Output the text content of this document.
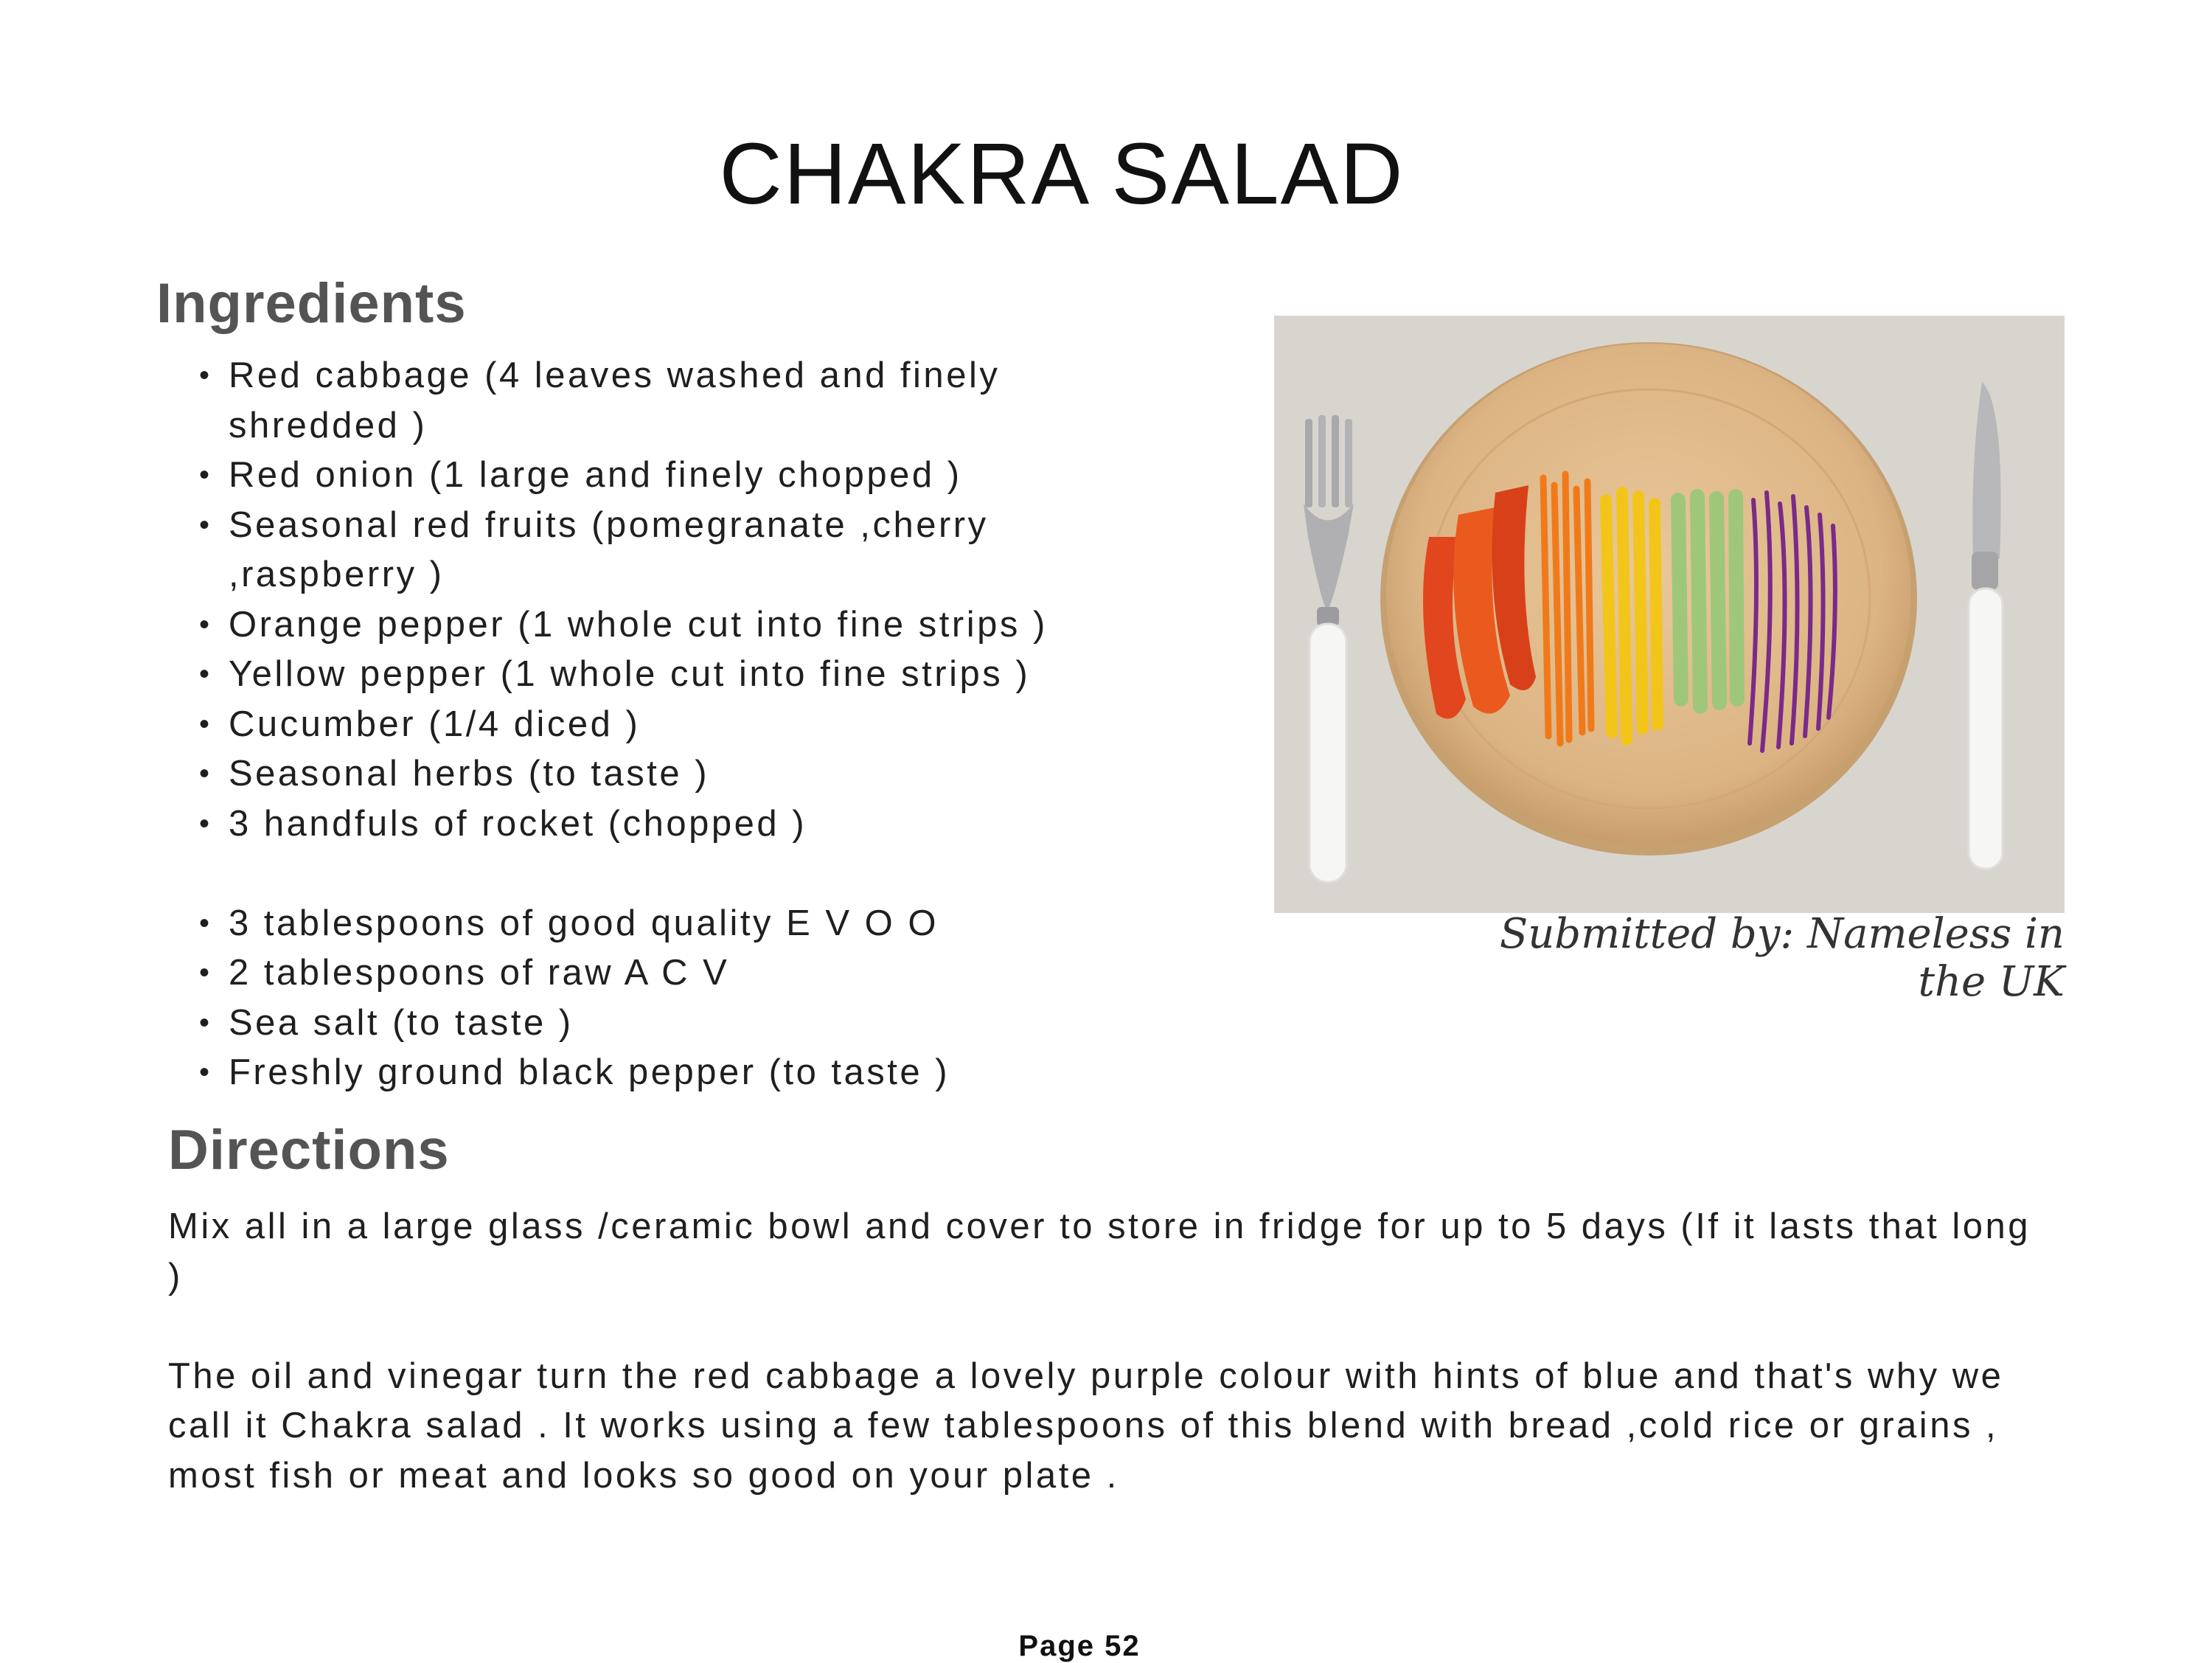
CHAKRA SALAD
Ingredients
• Red cabbage (4 leaves washed and finely shredded )
• Red onion (1 large and finely chopped )
• Seasonal red fruits (pomegranate ,cherry ,raspberry )
• Orange pepper (1 whole cut into fine strips )
• Yellow pepper (1 whole cut into fine strips )
• Cucumber (1/4 diced )
• Seasonal herbs (to taste )
• 3 handfuls of rocket (chopped )
• 3 tablespoons of good quality E V O O
• 2 tablespoons of raw A C V
• Sea salt (to taste )
• Freshly ground black pepper (to taste )
Submitted by: Nameless in the UK
Directions

Mix all in a large glass /ceramic bowl and cover to store in fridge for up to 5 days (If it lasts that long )

The oil and vinegar turn the red cabbage a lovely purple colour with hints of blue and that's why we call it Chakra salad . It works using a few tablespoons of this blend with bread ,cold rice or grains , most fish or meat and looks so good on your plate .

Page 52
